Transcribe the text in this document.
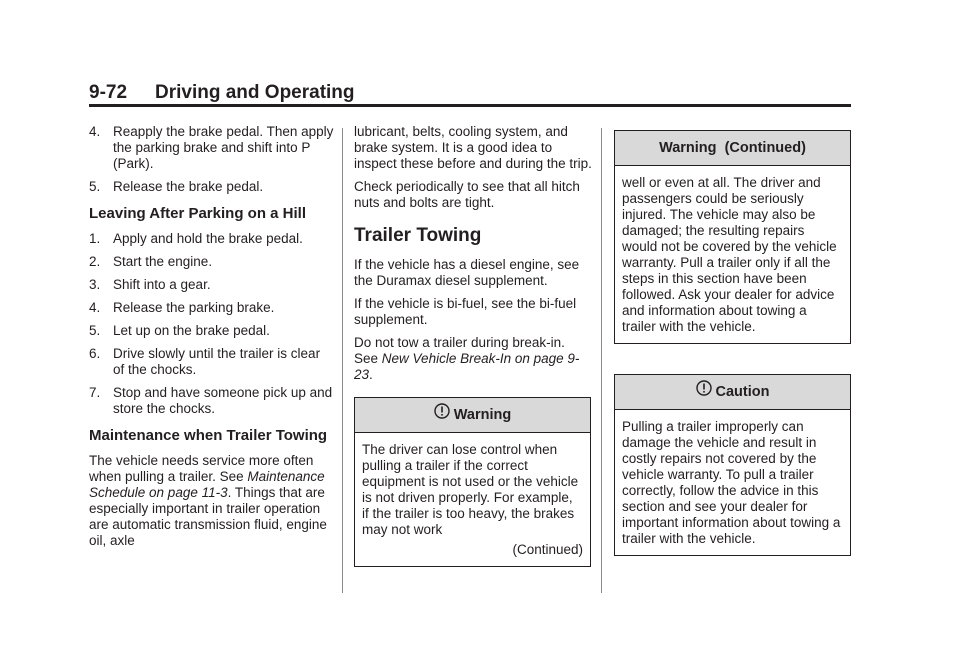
9-72 Driving and Operating
4. Reapply the brake pedal. Then apply the parking brake and shift into P (Park).
5. Release the brake pedal.
Leaving After Parking on a Hill
1. Apply and hold the brake pedal.
2. Start the engine.
3. Shift into a gear.
4. Release the parking brake.
5. Let up on the brake pedal.
6. Drive slowly until the trailer is clear of the chocks.
7. Stop and have someone pick up and store the chocks.
Maintenance when Trailer Towing

The vehicle needs service more often when pulling a trailer. See Maintenance Schedule on page 11-3. Things that are especially important in trailer operation are automatic transmission fluid, engine oil, axle

lubricant, belts, cooling system, and brake system. It is a good idea to inspect these before and during the trip.

Check periodically to see that all hitch nuts and bolts are tight.

Trailer Towing

If the vehicle has a diesel engine, see the Duramax diesel supplement.

If the vehicle is bi-fuel, see the bi-fuel supplement.

Do not tow a trailer during break-in. See New Vehicle Break-In on page 9-23.

Warning
The driver can lose control when pulling a trailer if the correct equipment is not used or the vehicle is not driven properly. For example, if the trailer is too heavy, the brakes may not work
(Continued)
Warning  (Continued)
well or even at all. The driver and passengers could be seriously injured. The vehicle may also be damaged; the resulting repairs would not be covered by the vehicle warranty. Pull a trailer only if all the steps in this section have been followed. Ask your dealer for advice and information about towing a trailer with the vehicle.
Caution
Pulling a trailer improperly can damage the vehicle and result in costly repairs not covered by the vehicle warranty. To pull a trailer correctly, follow the advice in this section and see your dealer for important information about towing a trailer with the vehicle.
